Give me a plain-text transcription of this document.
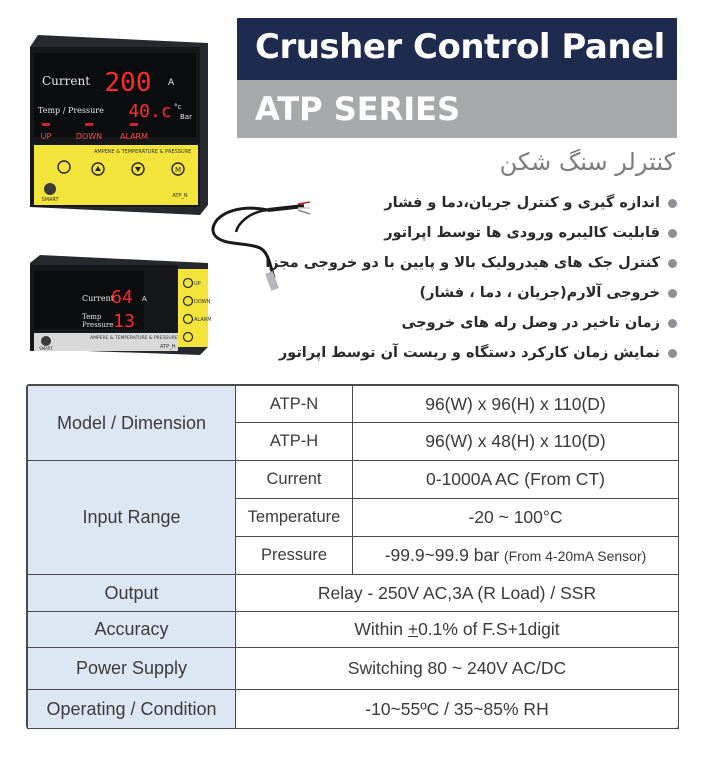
Crusher Control Panel
ATP SERIES
کنترلر سنگ شکن
اندازه گیری و کنترل جریان،دما و فشار
قابلیت کالیبره ورودی ها توسط اپراتور
کنترل جک های هیدرولیک بالا و پایین با دو خروجی مجزا
خروجی آلارم(جریان ، دما ، فشار)
زمان تاخیر در وصل رله های خروجی
نمایش زمان کارکرد دستگاه و ریست آن توسط اپراتور
Current 200 A
Temp / Pressure 40.c °c
Bar
UP	DOWN ALARM
AMPERE & TEMPERATURE & PRESSURE
M
SMART
ATP_N
Current
64 A
Temp
Pressure 13
UP
DOWN
ALARM
AMPERE & TEMPERATURE & PRESSURE
ATP_H
SMART
Model / Dimension	ATP-N	96(W) x 96(H) x 110(D)
	ATP-H	96(W) x 48(H) x 110(D)
Input Range	Current	0-1000A AC (From CT)
	Temperature	-20 ~ 100°C
	Pressure	-99.9~99.9 bar (From 4-20mA Sensor)
Output	Relay - 250V AC,3A (R Load) / SSR	
Accuracy	Within +0.1% of F.S+1digit	
Power Supply	Switching 80 ~ 240V AC/DC	
Operating / Condition	-10~55ºC / 35~85% RH	
